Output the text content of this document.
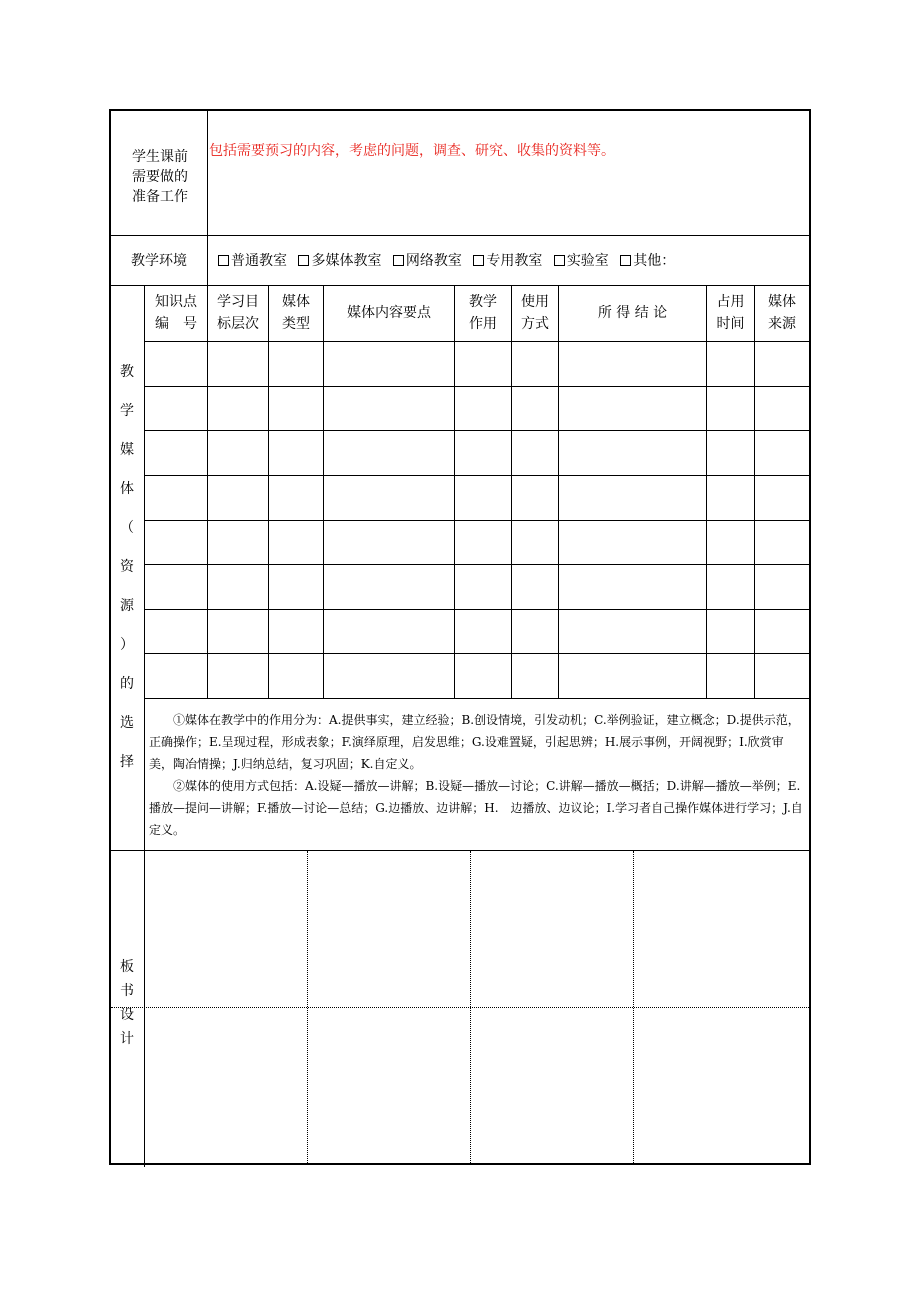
学生课前
需要做的
准备工作
包括需要预习的内容，考虑的问题，调查、研究、收集的资料等。
教学环境	普通教室 多媒体教室 网络教室 专用教室 实验室 其他：
教
学
媒
体
（
资
源
）
的
选
择
知识点
编　号
学习目
标层次
媒体
类型
媒体内容要点
教学
作用
使用
方式
所 得 结 论
占用
时间
媒体
来源

①媒体在教学中的作用分为：A.提供事实，建立经验；B.创设情境，引发动机；C.举例验证，建立概念；D.提供示范，正确操作；E.呈现过程，形成表象；F.演绎原理，启发思维；G.设难置疑，引起思辨；H.展示事例，开阔视野；I.欣赏审美，陶冶情操；J.归纳总结，复习巩固；K.自定义。

②媒体的使用方式包括：A.设疑—播放—讲解；B.设疑—播放—讨论；C.讲解—播放—概括；D.讲解—播放—举例；E.播放—提问—讲解；F.播放—讨论—总结；G.边播放、边讲解；H.　边播放、边议论；I.学习者自己操作媒体进行学习；J.自定义。

板
书
设
计
